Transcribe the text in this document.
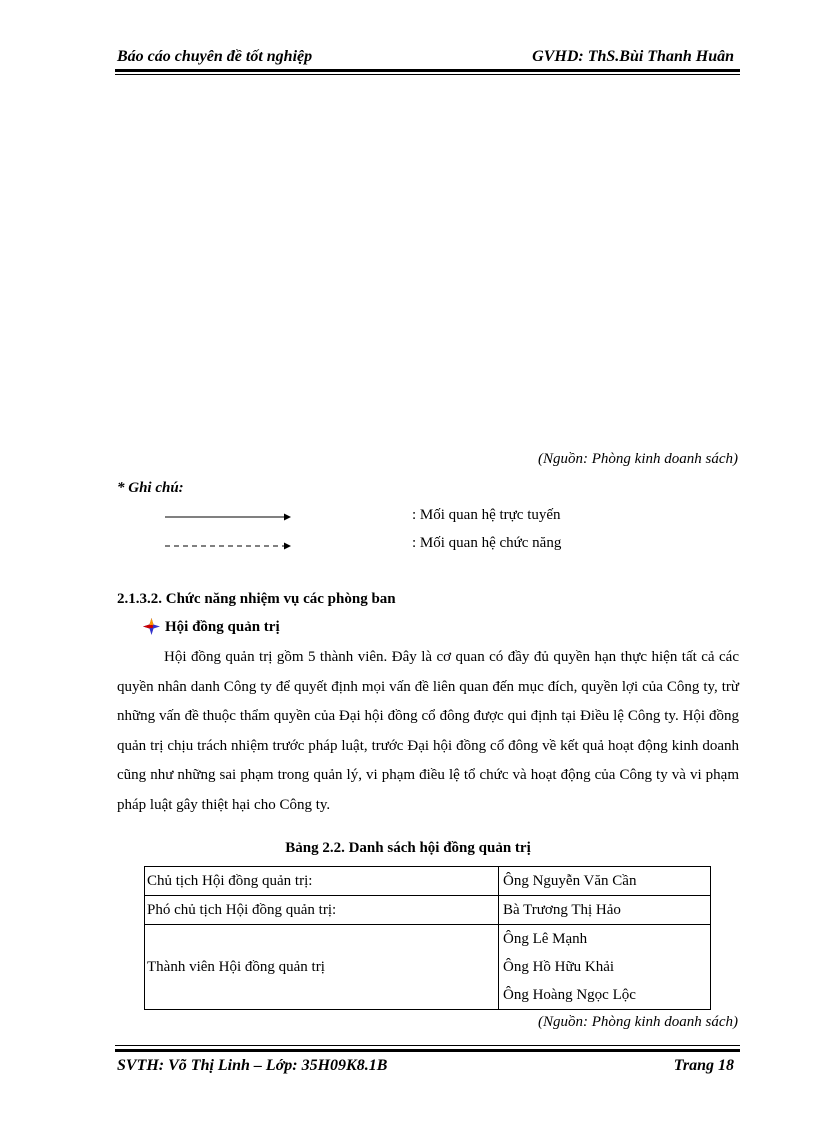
Báo cáo chuyên đề tốt nghiệp	GVHD: ThS.Bùi Thanh Huân
(Nguồn: Phòng kinh doanh sách)
* Ghi chú:
: Mối quan hệ trực tuyến
: Mối quan hệ chức năng
2.1.3.2. Chức năng nhiệm vụ các phòng ban
Hội đồng quản trị

Hội đồng quản trị gồm 5 thành viên. Đây là cơ quan có đầy đủ quyền hạn thực hiện tất cả các quyền nhân danh Công ty để quyết định mọi vấn đề liên quan đến mục đích, quyền lợi của Công ty, trừ những vấn đề thuộc thẩm quyền của Đại hội đồng cổ đông được qui định tại Điều lệ Công ty. Hội đồng quản trị chịu trách nhiệm trước pháp luật, trước Đại hội đồng cổ đông về kết quả hoạt động kinh doanh cũng như những sai phạm trong quản lý, vi phạm điều lệ tổ chức và hoạt động của Công ty và vi phạm pháp luật gây thiệt hại cho Công ty.

Bảng 2.2. Danh sách hội đồng quản trị
Chủ tịch Hội đồng quản trị:	Ông Nguyễn Văn Cần

Phó chủ tịch Hội đồng quản trị:	Bà Trương Thị Hảo

Thành viên Hội đồng quản trị	Ông Lê Mạnh
Ông Hồ Hữu Khải
Ông Hoàng Ngọc Lộc
(Nguồn: Phòng kinh doanh sách)
SVTH: Võ Thị Linh – Lớp: 35H09K8.1B	Trang 18
